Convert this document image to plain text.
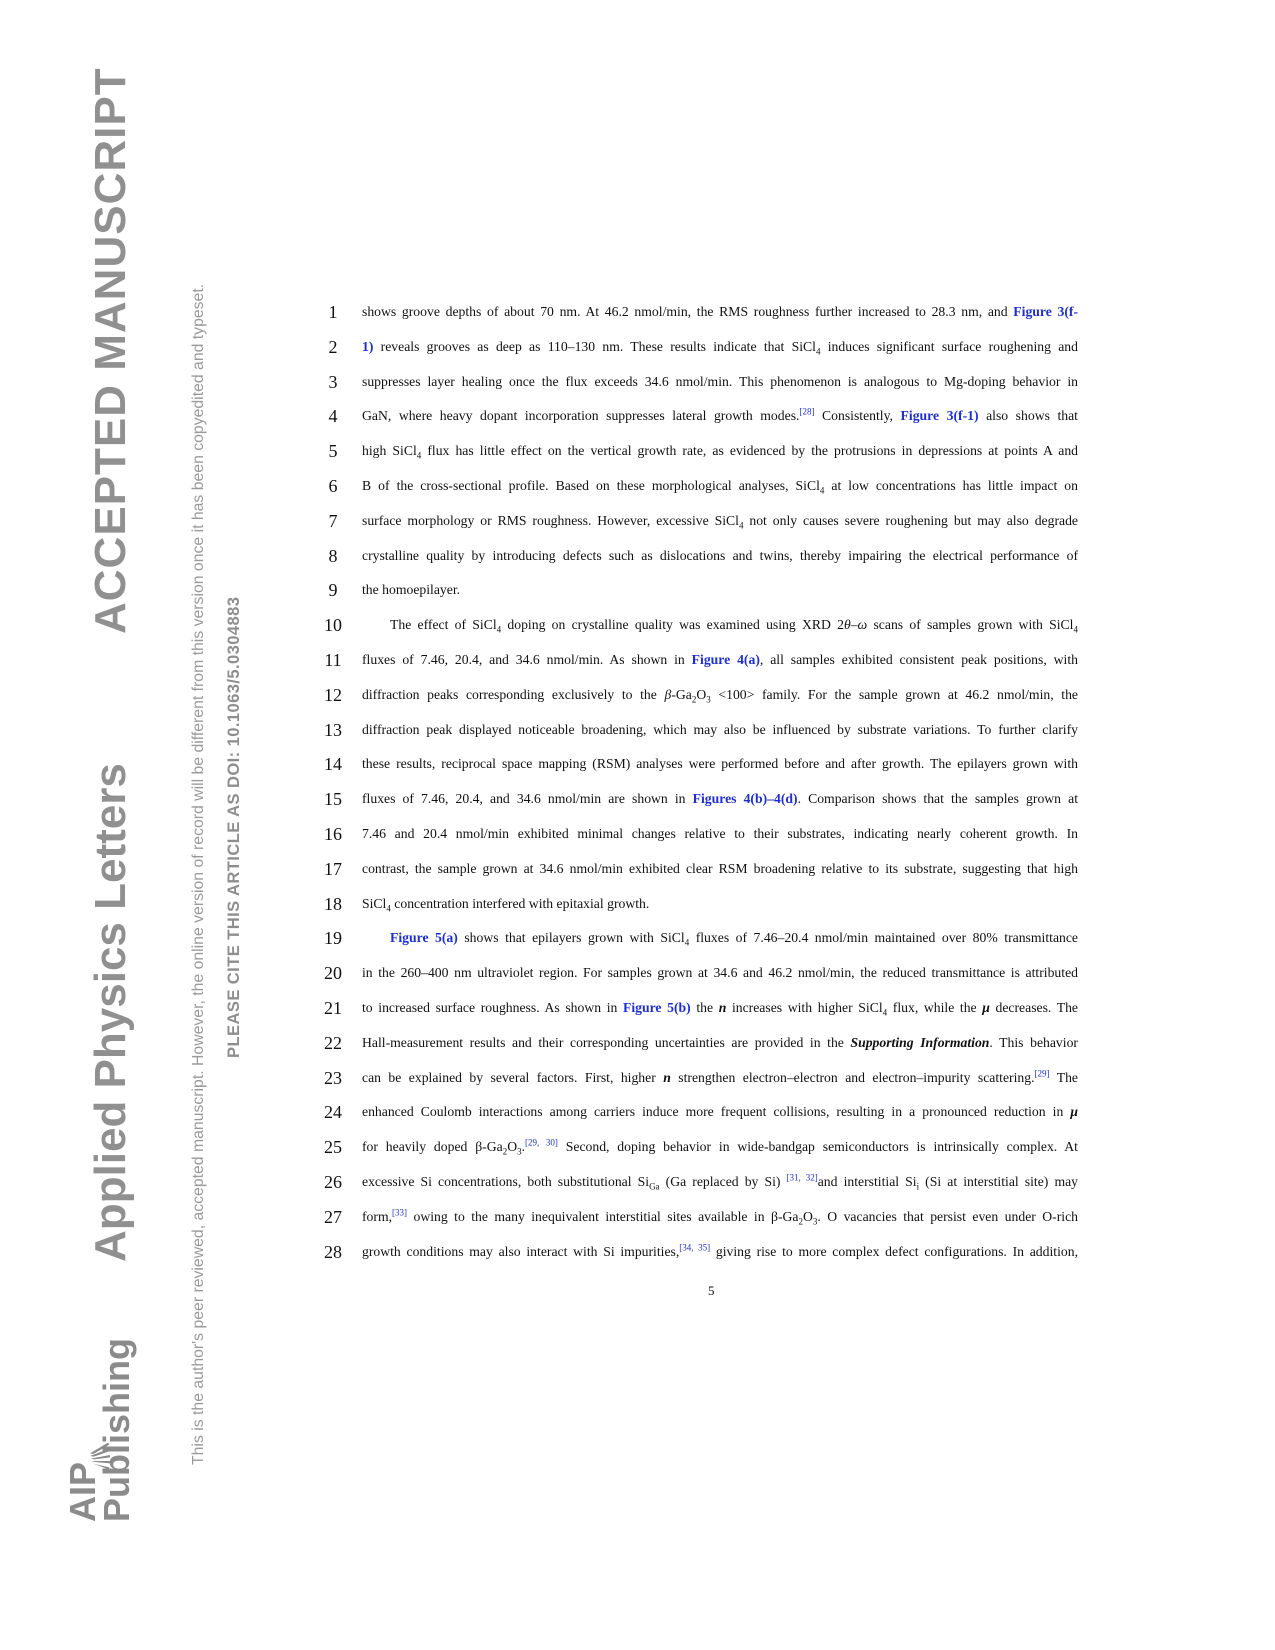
ACCEPTED MANUSCRIPT
Applied Physics Letters	This is the author's peer reviewed, accepted manuscript. However, the online version of record will be different from this version once it has been copyedited and typeset. PLEASE CITE THIS ARTICLE AS DOI: 10.1063/5.0304883
AIP
Publishing
1	shows groove depths of about 70 nm. At 46.2 nmol/min, the RMS roughness further increased to 28.3 nm, and Figure 3(f-
2	1) reveals grooves as deep as 110–130 nm. These results indicate that SiCl$_4$ induces significant surface roughening and
3	suppresses layer healing once the flux exceeds 34.6 nmol/min. This phenomenon is analogous to Mg-doping behavior in
4	GaN, where heavy dopant incorporation suppresses lateral growth modes.[28] Consistently, Figure 3(f-1) also shows that
5	high SiCl$_4$ flux has little effect on the vertical growth rate, as evidenced by the protrusions in depressions at points A and
6	B of the cross-sectional profile. Based on these morphological analyses, SiCl$_4$ at low concentrations has little impact on
7	surface morphology or RMS roughness. However, excessive SiCl$_4$ not only causes severe roughening but may also degrade
8	crystalline quality by introducing defects such as dislocations and twins, thereby impairing the electrical performance of
9	the homoepilayer.
10	The effect of SiCl$_4$ doping on crystalline quality was examined using XRD 2θ–ω scans of samples grown with SiCl$_4$
11	fluxes of 7.46, 20.4, and 34.6 nmol/min. As shown in Figure 4(a), all samples exhibited consistent peak positions, with
12	diffraction peaks corresponding exclusively to the $\beta-Ga_2O_3 <100>$ family. For the sample grown at 46.2 nmol/min, the
13	diffraction peak displayed noticeable broadening, which may also be influenced by substrate variations. To further clarify
14	these results, reciprocal space mapping (RSM) analyses were performed before and after growth. The epilayers grown with
15	fluxes of 7.46, 20.4, and 34.6 nmol/min are shown in Figures 4(b)–4(d). Comparison shows that the samples grown at
16	7.46 and 20.4 nmol/min exhibited minimal changes relative to their substrates, indicating nearly coherent growth. In
17	contrast, the sample grown at 34.6 nmol/min exhibited clear RSM broadening relative to its substrate, suggesting that high
18	SiCl$_4$ concentration interfered with epitaxial growth.
19	Figure 5(a) shows that epilayers grown with SiCl$_4$ fluxes of 7.46–20.4 nmol/min maintained over 80% transmittance
20	in the 260–400 nm ultraviolet region. For samples grown at 34.6 and 46.2 nmol/min, the reduced transmittance is attributed
21	to increased surface roughness. As shown in Figure 5(b) the n increases with higher SiCl$_4$ flux, while the μ decreases. The
22	Hall-measurement results and their corresponding uncertainties are provided in the Supporting Information. This behavior
23	can be explained by several factors. First, higher n strengthen electron–electron and electron–impurity scattering.[29] The
24	enhanced Coulomb interactions among carriers induce more frequent collisions, resulting in a pronounced reduction in μ
25	for heavily doped $\beta-Ga_2O_3.[29, 30]$ Second, doping behavior in wide-bandgap semiconductors is intrinsically complex. At
26	excessive Si concentrations, both substitutional $Si_{Ga}$ (Ga replaced by Si) [31, 32]and interstitial $Si_i$ (Si at interstitial site) may
27	form,[33] owing to the many inequivalent interstitial sites available in $\beta-Ga_2O_3$. O vacancies that persist even under O-rich
28	growth conditions may also interact with Si impurities,[34, 35] giving rise to more complex defect configurations. In addition,
5
